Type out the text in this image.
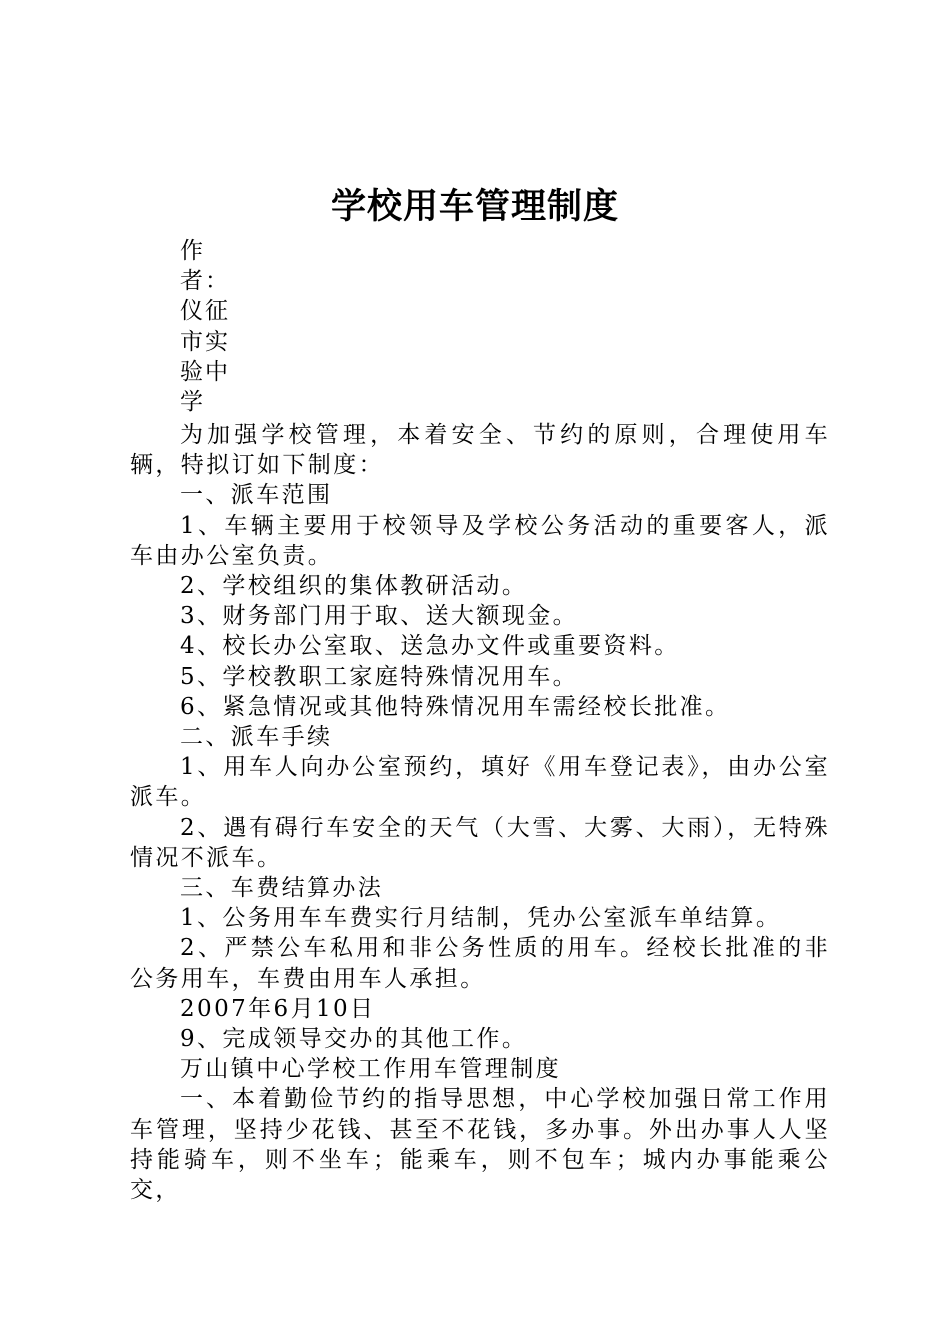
学校用车管理制度
作
者：
仪征
市实
验中
学

为加强学校管理，本着安全、节约的原则，合理使用车辆，特拟订如下制度：

一、派车范围

1、车辆主要用于校领导及学校公务活动的重要客人，派车由办公室负责。

2、学校组织的集体教研活动。

3、财务部门用于取、送大额现金。

4、校长办公室取、送急办文件或重要资料。

5、学校教职工家庭特殊情况用车。

6、紧急情况或其他特殊情况用车需经校长批准。

二、派车手续

1、用车人向办公室预约，填好《用车登记表》，由办公室派车。

2、遇有碍行车安全的天气（大雪、大雾、大雨），无特殊情况不派车。

三、车费结算办法

1、公务用车车费实行月结制，凭办公室派车单结算。

2、严禁公车私用和非公务性质的用车。经校长批准的非公务用车，车费由用车人承担。

2007年6月10日

9、完成领导交办的其他工作。

万山镇中心学校工作用车管理制度

一、本着勤俭节约的指导思想，中心学校加强日常工作用车管理，坚持少花钱、甚至不花钱，多办事。外出办事人人坚持能骑车，则不坐车；能乘车，则不包车；城内办事能乘公交，
